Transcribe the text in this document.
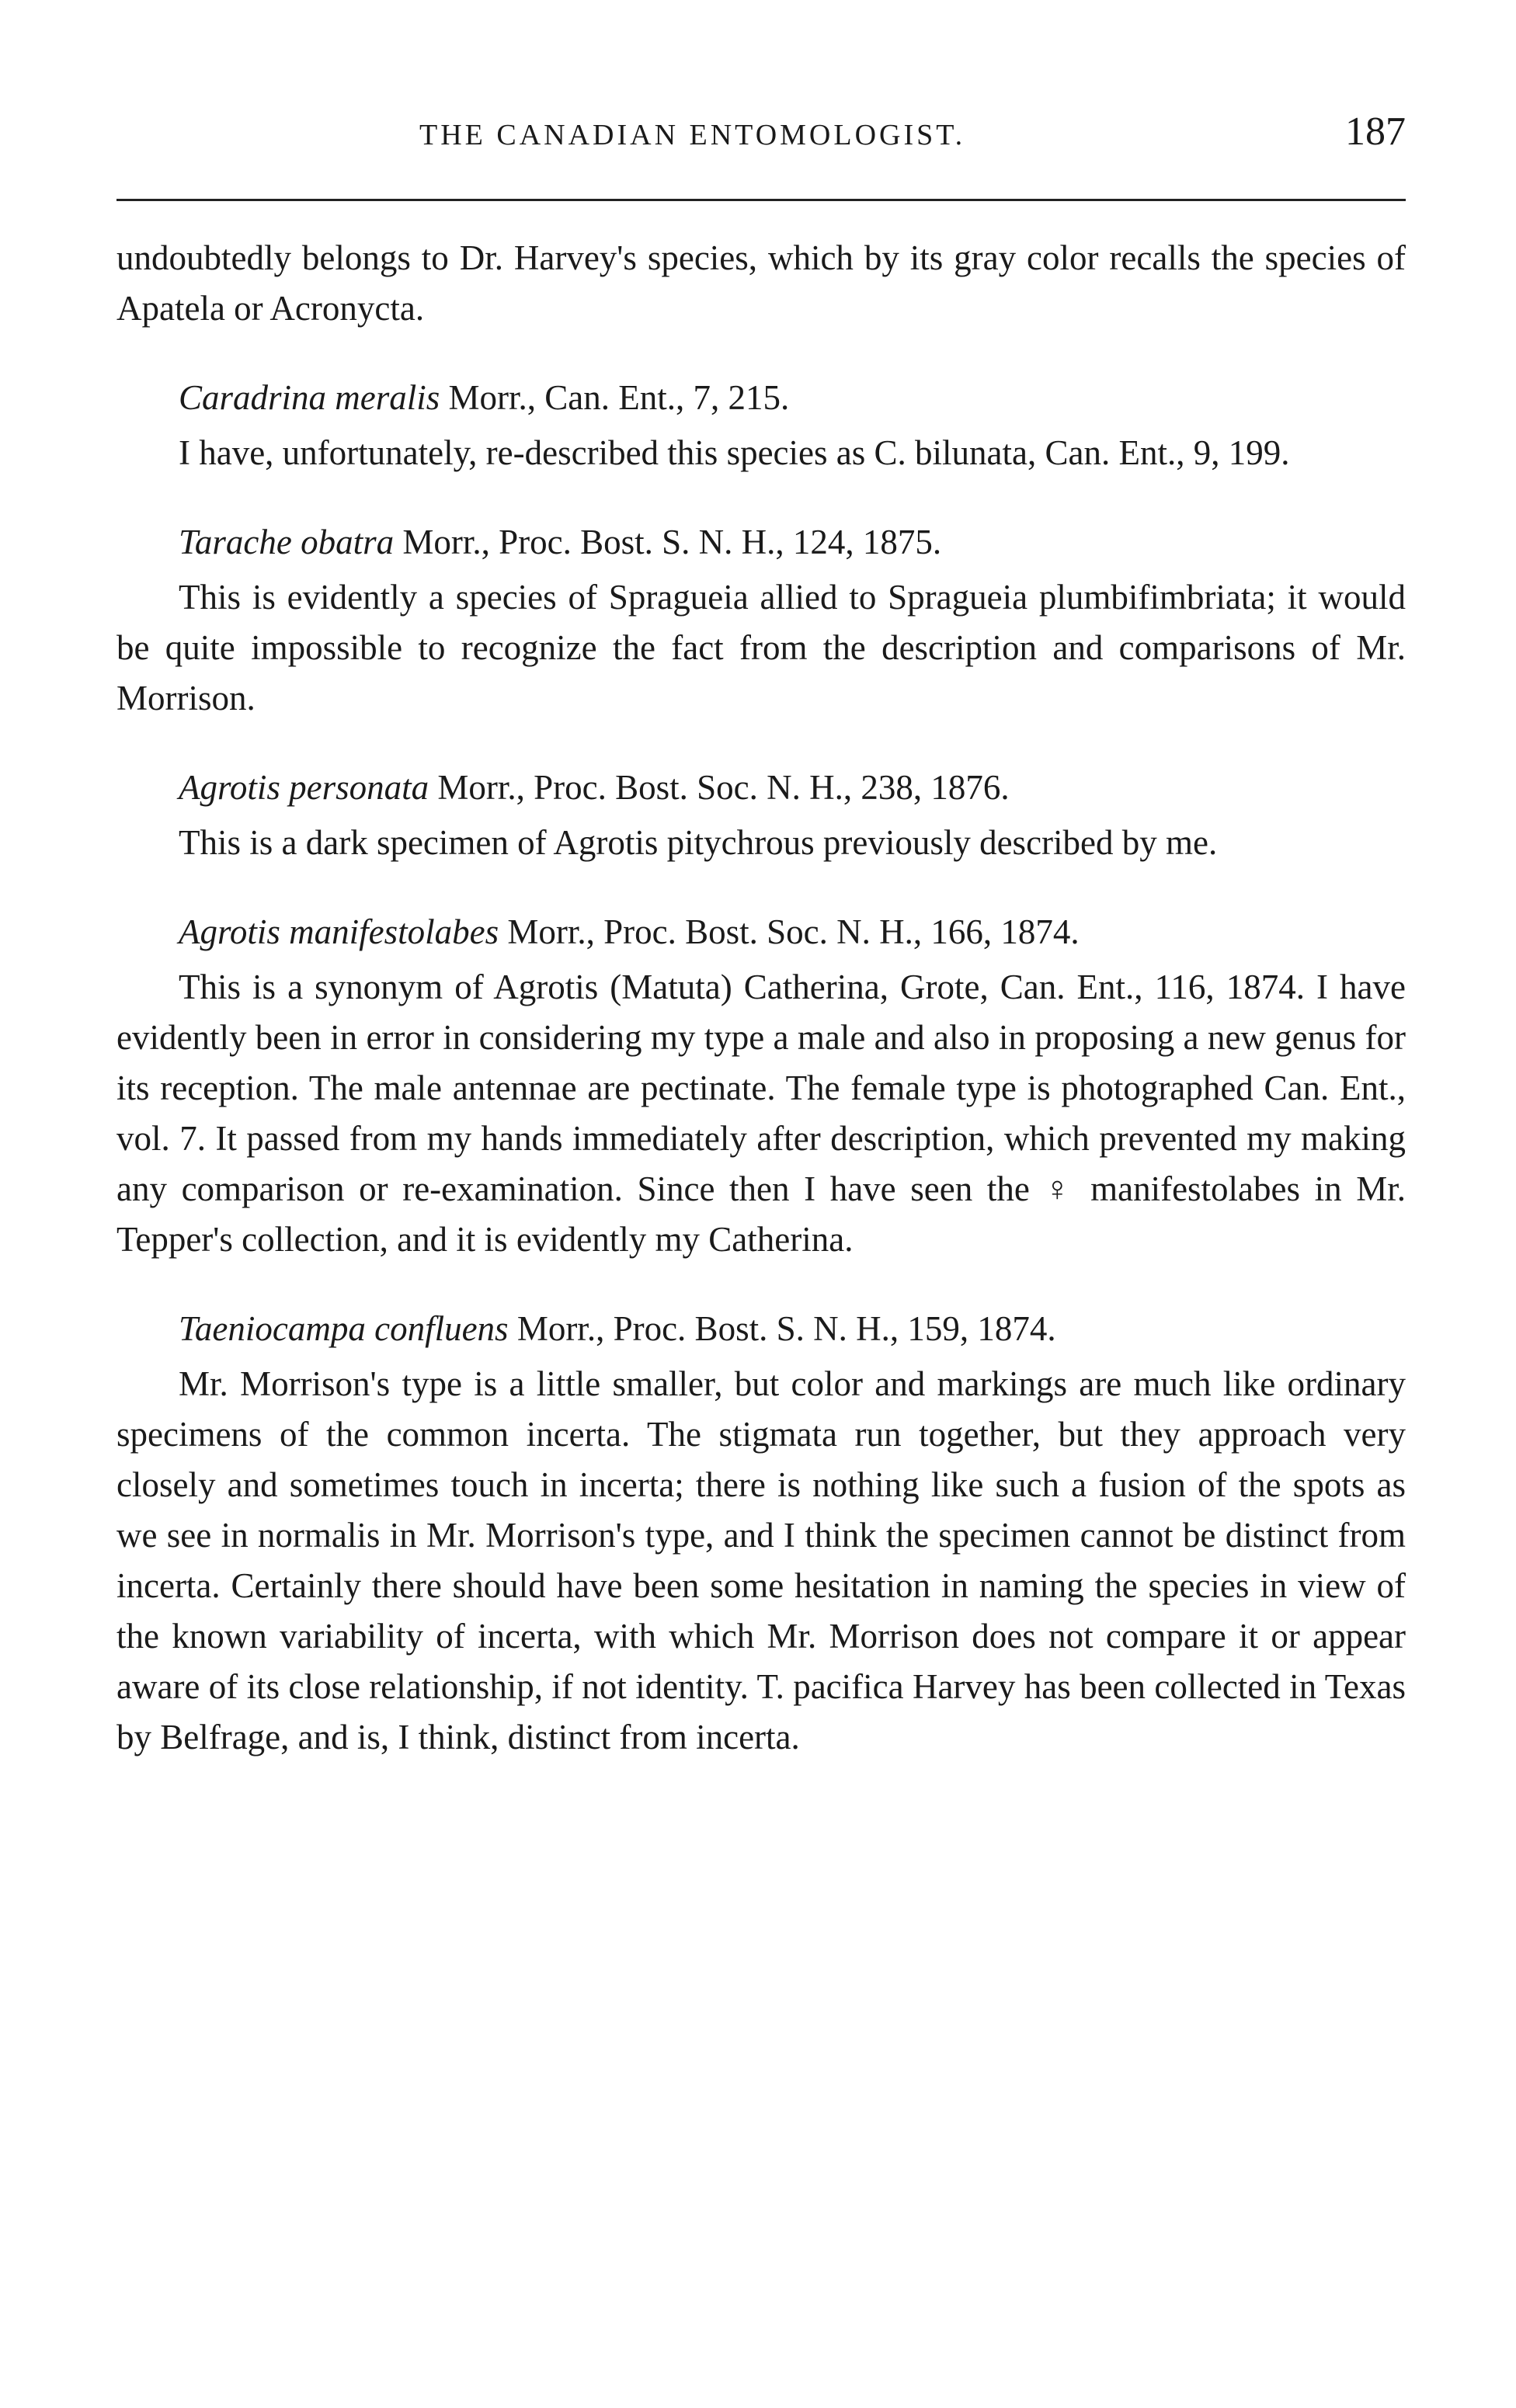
THE CANADIAN ENTOMOLOGIST.	187

undoubtedly belongs to Dr. Harvey's species, which by its gray color recalls the species of Apatela or Acronycta.

Caradrina meralis Morr., Can. Ent., 7, 215.

I have, unfortunately, re-described this species as C. bilunata, Can. Ent., 9, 199.

Tarache obatra Morr., Proc. Bost. S. N. H., 124, 1875.

This is evidently a species of Spragueia allied to Spragueia plumbifimbriata; it would be quite impossible to recognize the fact from the description and comparisons of Mr. Morrison.

Agrotis personata Morr., Proc. Bost. Soc. N. H., 238, 1876.

This is a dark specimen of Agrotis pitychrous previously described by me.

Agrotis manifestolabes Morr., Proc. Bost. Soc. N. H., 166, 1874.

This is a synonym of Agrotis (Matuta) Catherina, Grote, Can. Ent., 116, 1874. I have evidently been in error in considering my type a male and also in proposing a new genus for its reception. The male antennae are pectinate. The female type is photographed Can. Ent., vol. 7. It passed from my hands immediately after description, which prevented my making any comparison or re-examination. Since then I have seen the ♀ manifestolabes in Mr. Tepper's collection, and it is evidently my Catherina.

Taeniocampa confluens Morr., Proc. Bost. S. N. H., 159, 1874.

Mr. Morrison's type is a little smaller, but color and markings are much like ordinary specimens of the common incerta. The stigmata run together, but they approach very closely and sometimes touch in incerta; there is nothing like such a fusion of the spots as we see in normalis in Mr. Morrison's type, and I think the specimen cannot be distinct from incerta. Certainly there should have been some hesitation in naming the species in view of the known variability of incerta, with which Mr. Morrison does not compare it or appear aware of its close relationship, if not identity. T. pacifica Harvey has been collected in Texas by Belfrage, and is, I think, distinct from incerta.
